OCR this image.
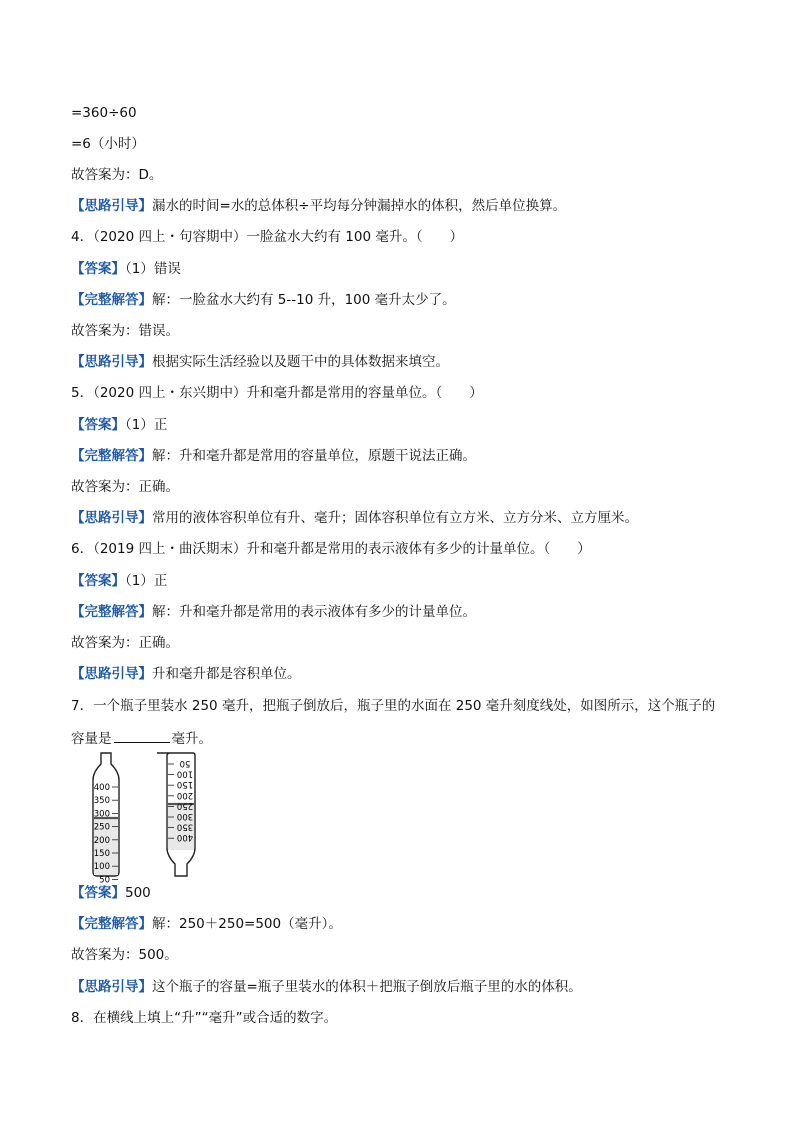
=360÷60
=6（小时）
故答案为：D。
【思路引导】漏水的时间=水的总体积÷平均每分钟漏掉水的体积，然后单位换算。
4．（2020 四上・句容期中）一脸盆水大约有 100 毫升。（　　）
【答案】（1）错误
【完整解答】解：一脸盆水大约有 5--10 升，100 毫升太少了。
故答案为：错误。
【思路引导】根据实际生活经验以及题干中的具体数据来填空。
5．（2020 四上・东兴期中）升和毫升都是常用的容量单位。（　　）
【答案】（1）正
【完整解答】解：升和毫升都是常用的容量单位，原题干说法正确。
故答案为：正确。
【思路引导】常用的液体容积单位有升、毫升；固体容积单位有立方米、立方分米、立方厘米。
6．（2019 四上・曲沃期末）升和毫升都是常用的表示液体有多少的计量单位。（　　）
【答案】（1）正
【完整解答】解：升和毫升都是常用的表示液体有多少的计量单位。
故答案为：正确。
【思路引导】升和毫升都是容积单位。
7．一个瓶子里装水 250 毫升，把瓶子倒放后，瓶子里的水面在 250 毫升刻度线处，如图所示，这个瓶子的
容量是	毫升。
400
350
300
250
200
150
100
50
50
100
150
200
250
300
350
400
【答案】500
【完整解答】解：250＋250=500（毫升）。
故答案为：500。
【思路引导】这个瓶子的容量=瓶子里装水的体积＋把瓶子倒放后瓶子里的水的体积。
8．在横线上填上“升”“毫升”或合适的数字。
